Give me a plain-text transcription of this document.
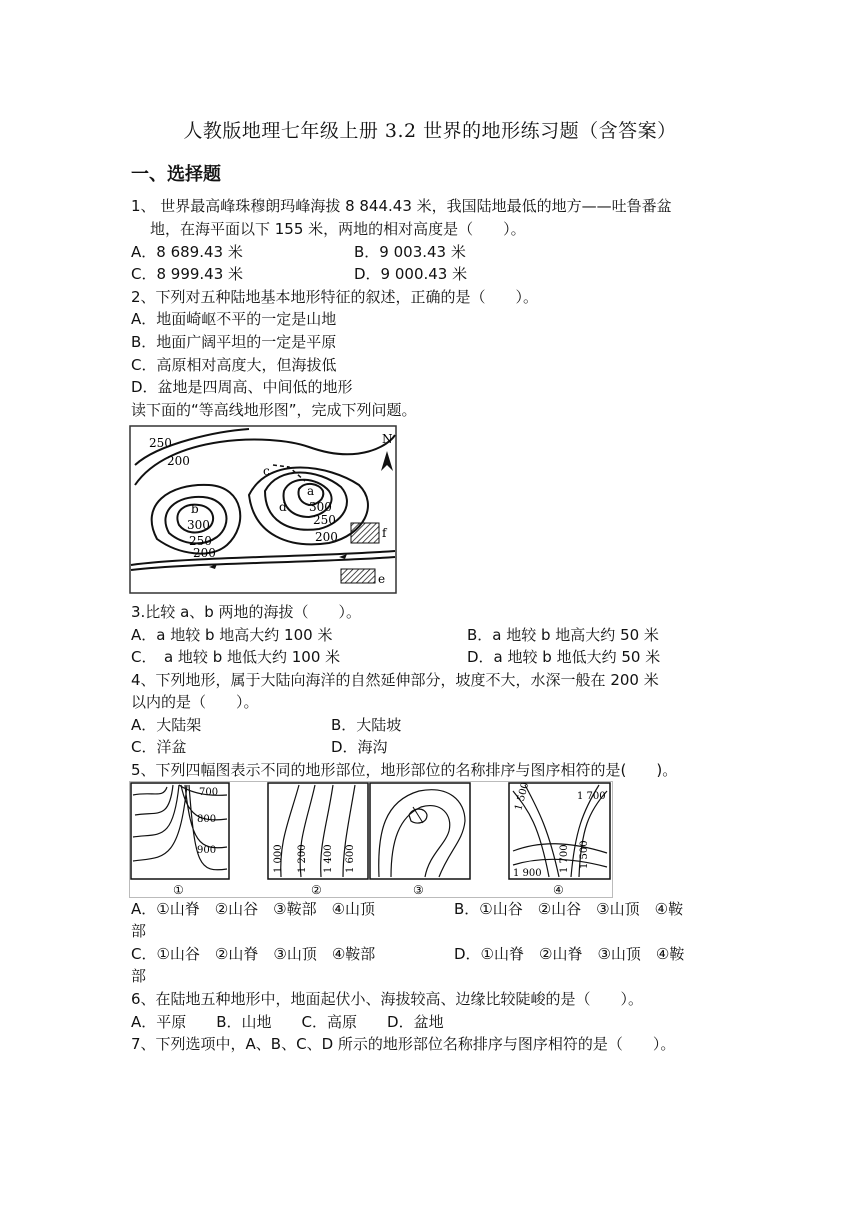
人教版地理七年级上册 3.2 世界的地形练习题（含答案）
一、选择题
1、 世界最高峰珠穆朗玛峰海拔 8 844.43 米，我国陆地最低的地方——吐鲁番盆
地，在海平面以下 155 米，两地的相对高度是（　　）。
A．8 689.43 米	B．9 003.43 米
C．8 999.43 米	D．9 000.43 米
2、下列对五种陆地基本地形特征的叙述，正确的是（　　）。
A．地面崎岖不平的一定是山地
B．地面广阔平坦的一定是平原
C．高原相对高度大，但海拔低
D．盆地是四周高、中间低的地形
读下面的“等高线地形图”，完成下列问题。
250
200
b
300
250
200
c
a
d 300
250
200
N
f
e
3.比较 a、b 两地的海拔（　　）。
A．a 地较 b 地高大约 100 米	B．a 地较 b 地高大约 50 米
C．　a 地较 b 地低大约 100 米	D．a 地较 b 地低大约 50 米
4、下列地形，属于大陆向海洋的自然延伸部分，坡度不大，水深一般在 200 米
以内的是（　　）。
A．大陆架	B．大陆坡
C．洋盆	D．海沟
5、下列四幅图表示不同的地形部位，地形部位的名称排序与图序相符的是(　　)。
700
800
900
①
1 000 1 200 1 400 1 600
②	③
1 500	1 700
1 700 1 500
1 900
④
A．①山脊　②山谷　③鞍部　④山顶	B．①山谷　②山谷　③山顶　④鞍
部
C．①山谷　②山脊　③山顶　④鞍部	D．①山脊　②山脊　③山顶　④鞍
部
6、在陆地五种地形中，地面起伏小、海拔较高、边缘比较陡峻的是（　　）。
A．平原　　B．山地　　C．高原　　D．盆地
7、下列选项中，A、B、C、D 所示的地形部位名称排序与图序相符的是（　　）。
